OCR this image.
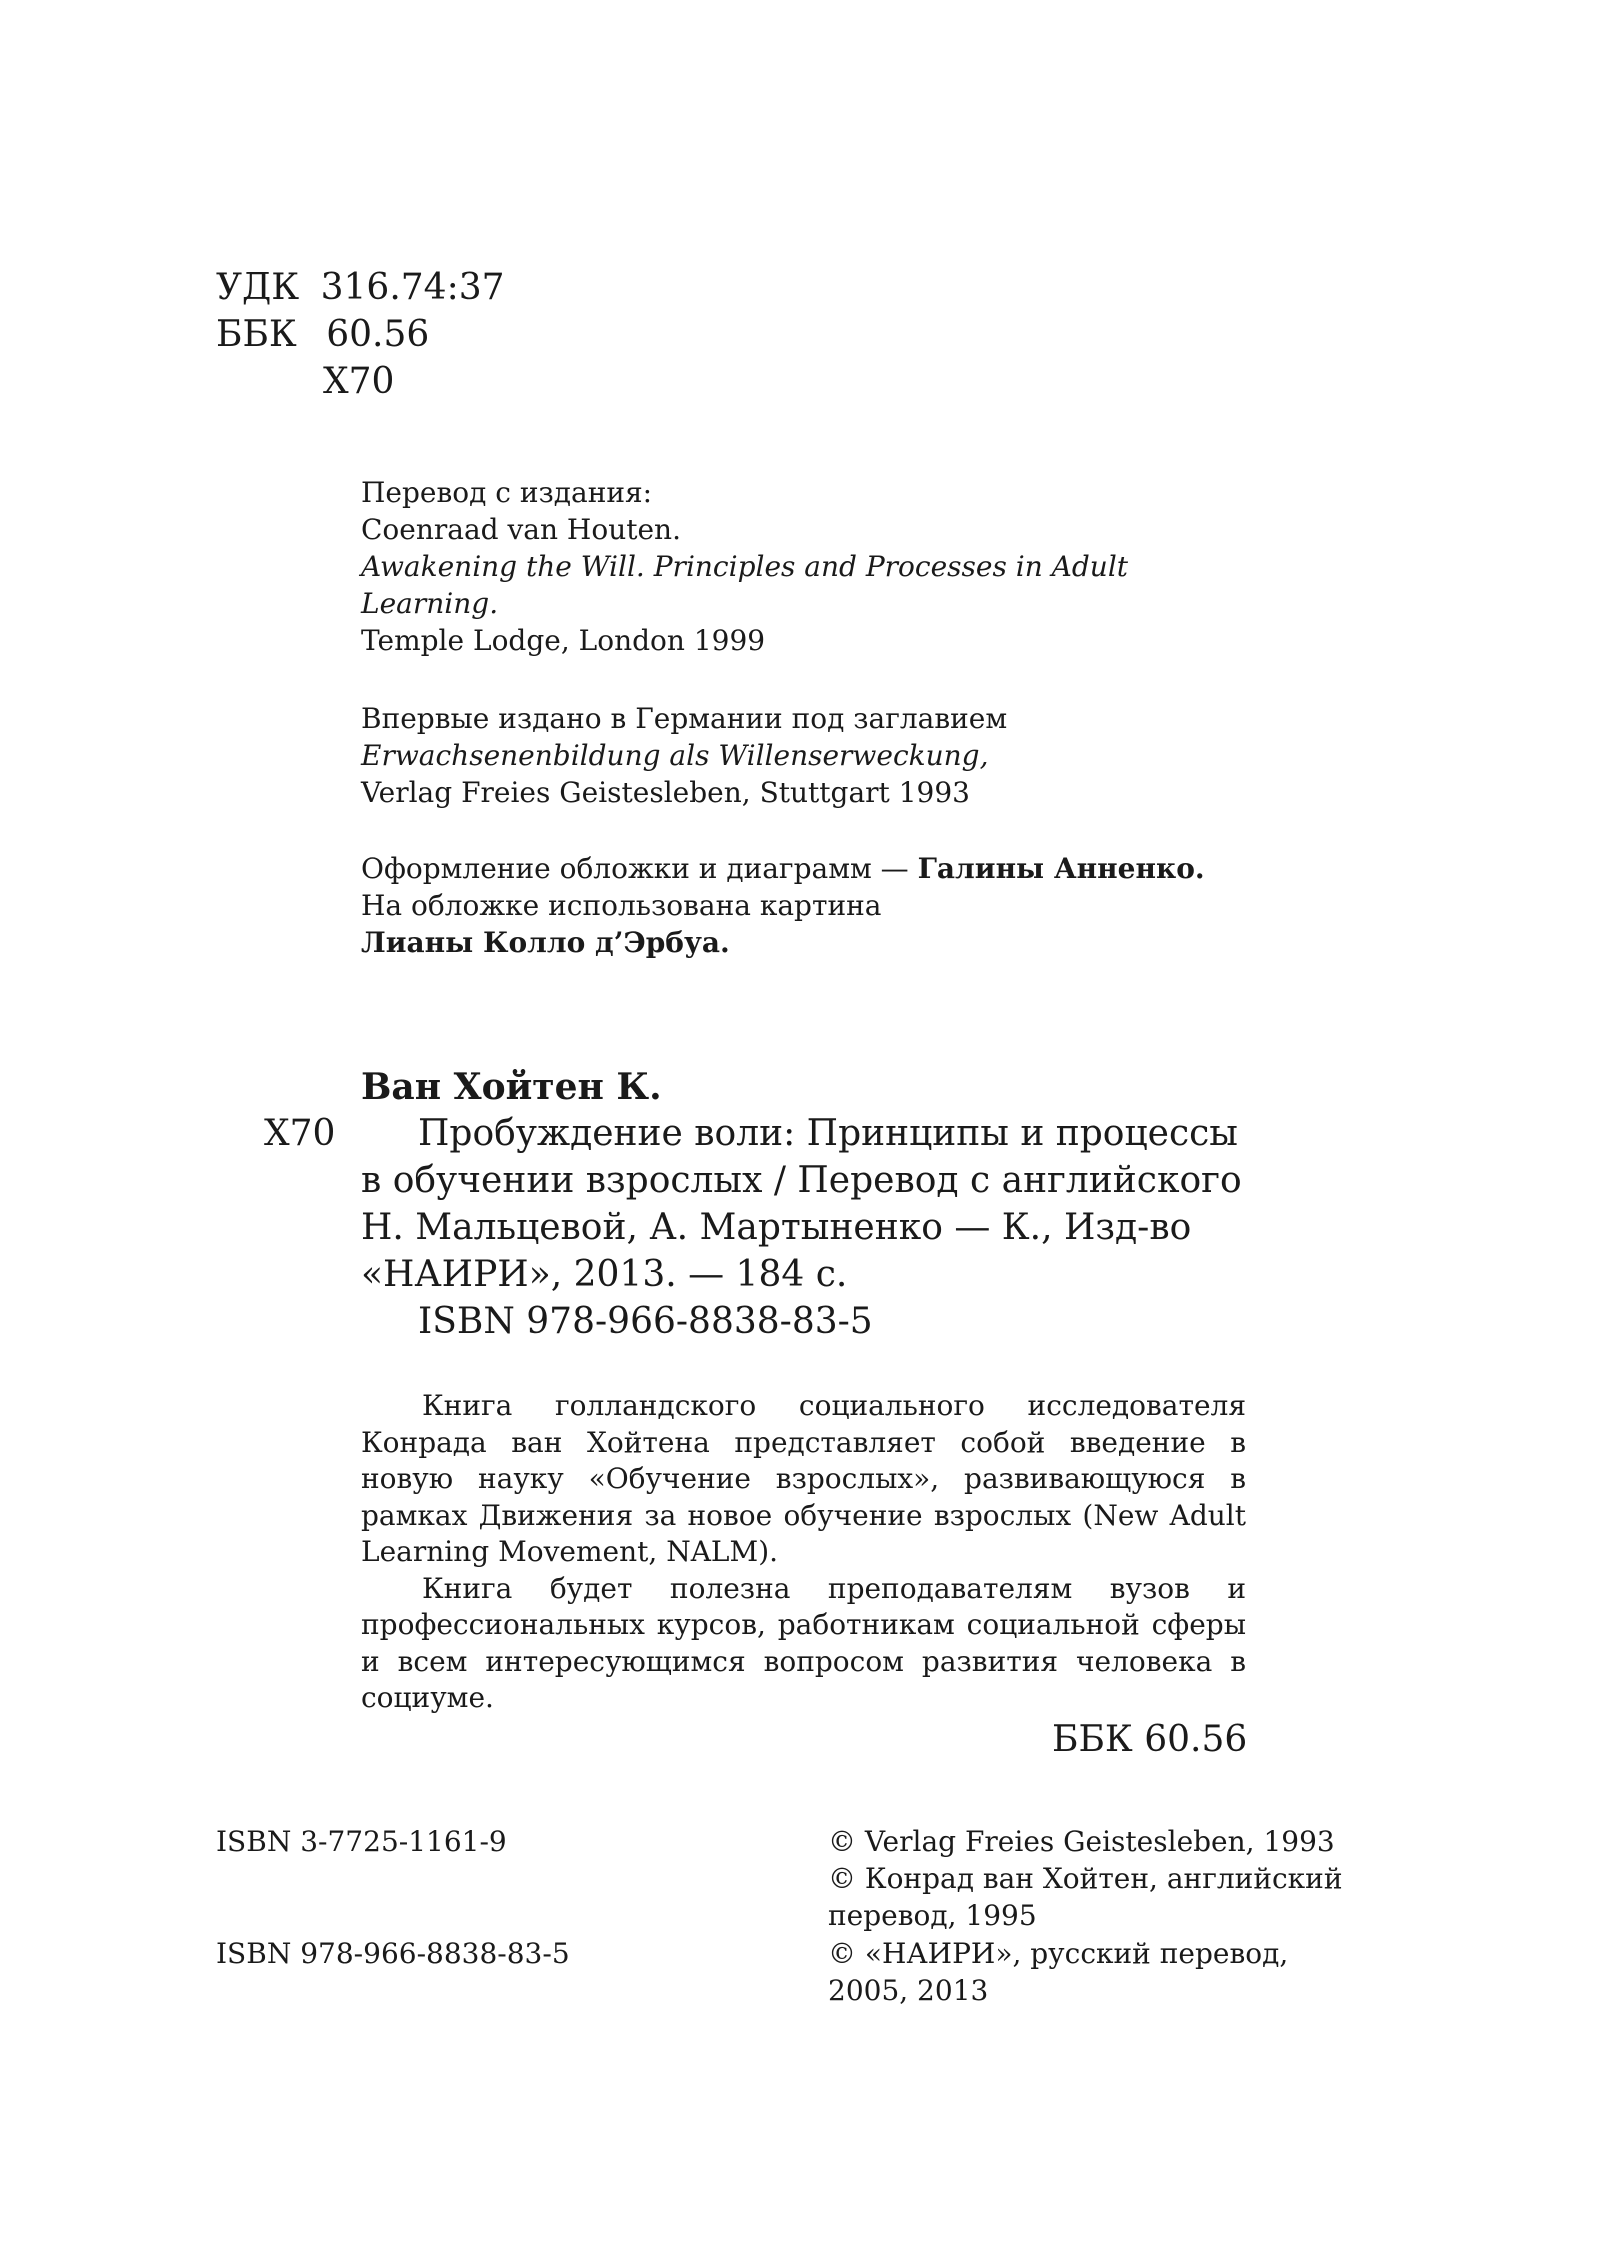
УДК 316.74:37
ББК 60.56
Х70
Перевод с издания:
Coenraad van Houten.
Awakening the Will. Principles and Processes in Adult
Learning.
Temple Lodge, London 1999
Впервые издано в Германии под заглавием
Erwachsenenbildung als Willenserweckung,
Verlag Freies Geistesleben, Stuttgart 1993
Оформление обложки и диаграмм — Галины Анненко.
На обложке использована картина
Лианы Колло д’Эрбуа.
Ван Хойтен К.
Х70 Пробуждение воли: Принципы и процессы
в обучении взрослых / Перевод с английского
Н. Мальцевой, А. Мартыненко — К., Изд-во
«НАИРИ», 2013. — 184 с.
ISBN 978-966-8838-83-5

Книга голландского социального исследователя Конрада ван Хойтена представляет собой введение в новую науку «Обучение взрослых», развивающуюся в рамках Движения за новое обучение взрослых (New Adult Learning Movement, NALM).

Книга будет полезна преподавателям вузов и профессиональных курсов, работникам социальной сферы и всем интересующимся вопросом развития человека в социуме.

ББК 60.56
ISBN 3-7725-1161-9
ISBN 978-966-8838-83-5
© Verlag Freies Geistesleben, 1993
© Конрад ван Хойтен, английский
перевод, 1995
© «НАИРИ», русский перевод,
2005, 2013
